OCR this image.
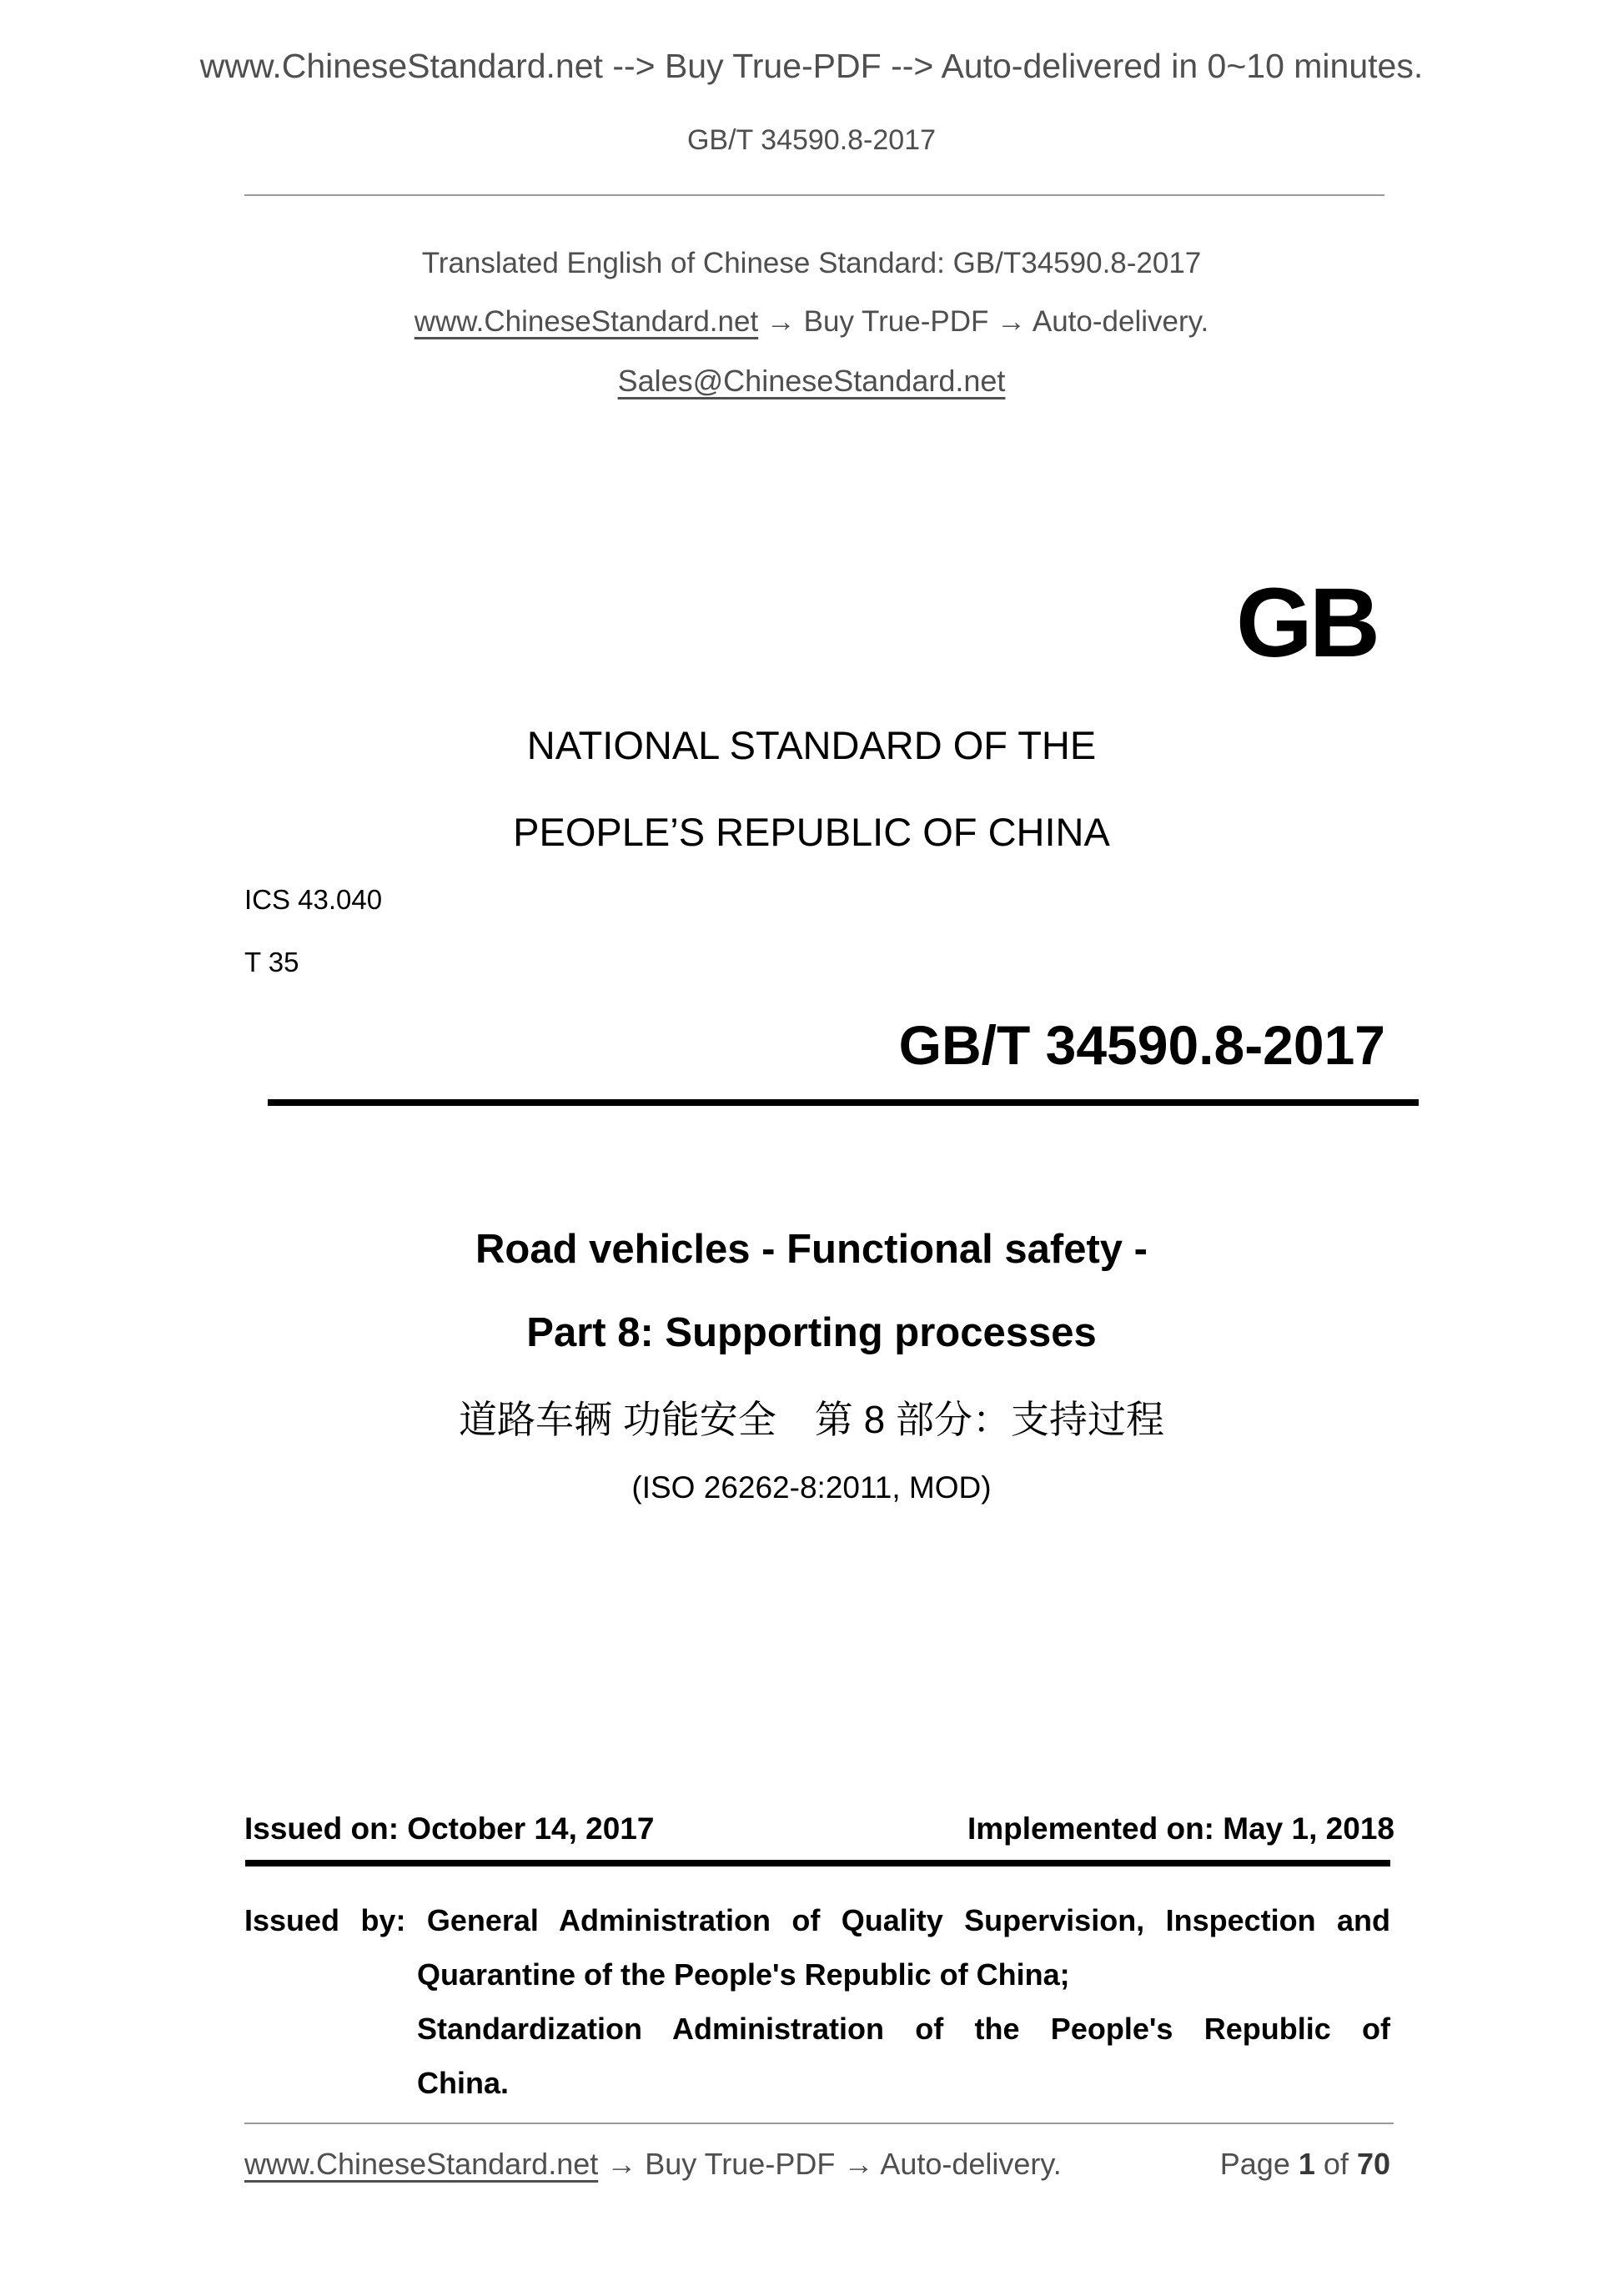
www.ChineseStandard.net --> Buy True-PDF --> Auto-delivered in 0~10 minutes.
GB/T 34590.8-2017
Translated English of Chinese Standard: GB/T34590.8-2017
www.ChineseStandard.net → Buy True-PDF → Auto-delivery.
Sales@ChineseStandard.net
GB
NATIONAL STANDARD OF THE
PEOPLE’S REPUBLIC OF CHINA
ICS 43.040
T 35
GB/T 34590.8-2017
Road vehicles - Functional safety -
Part 8: Supporting processes
道路车辆 功能安全　第 8 部分：支持过程
(ISO 26262-8:2011, MOD)
Issued on: October 14, 2017	Implemented on: May 1, 2018
Issued by: General Administration of Quality Supervision, Inspection and
Quarantine of the People's Republic of China;
Standardization Administration of the People's Republic of
China.
www.ChineseStandard.net → Buy True-PDF → Auto-delivery.	Page 1 of 70
